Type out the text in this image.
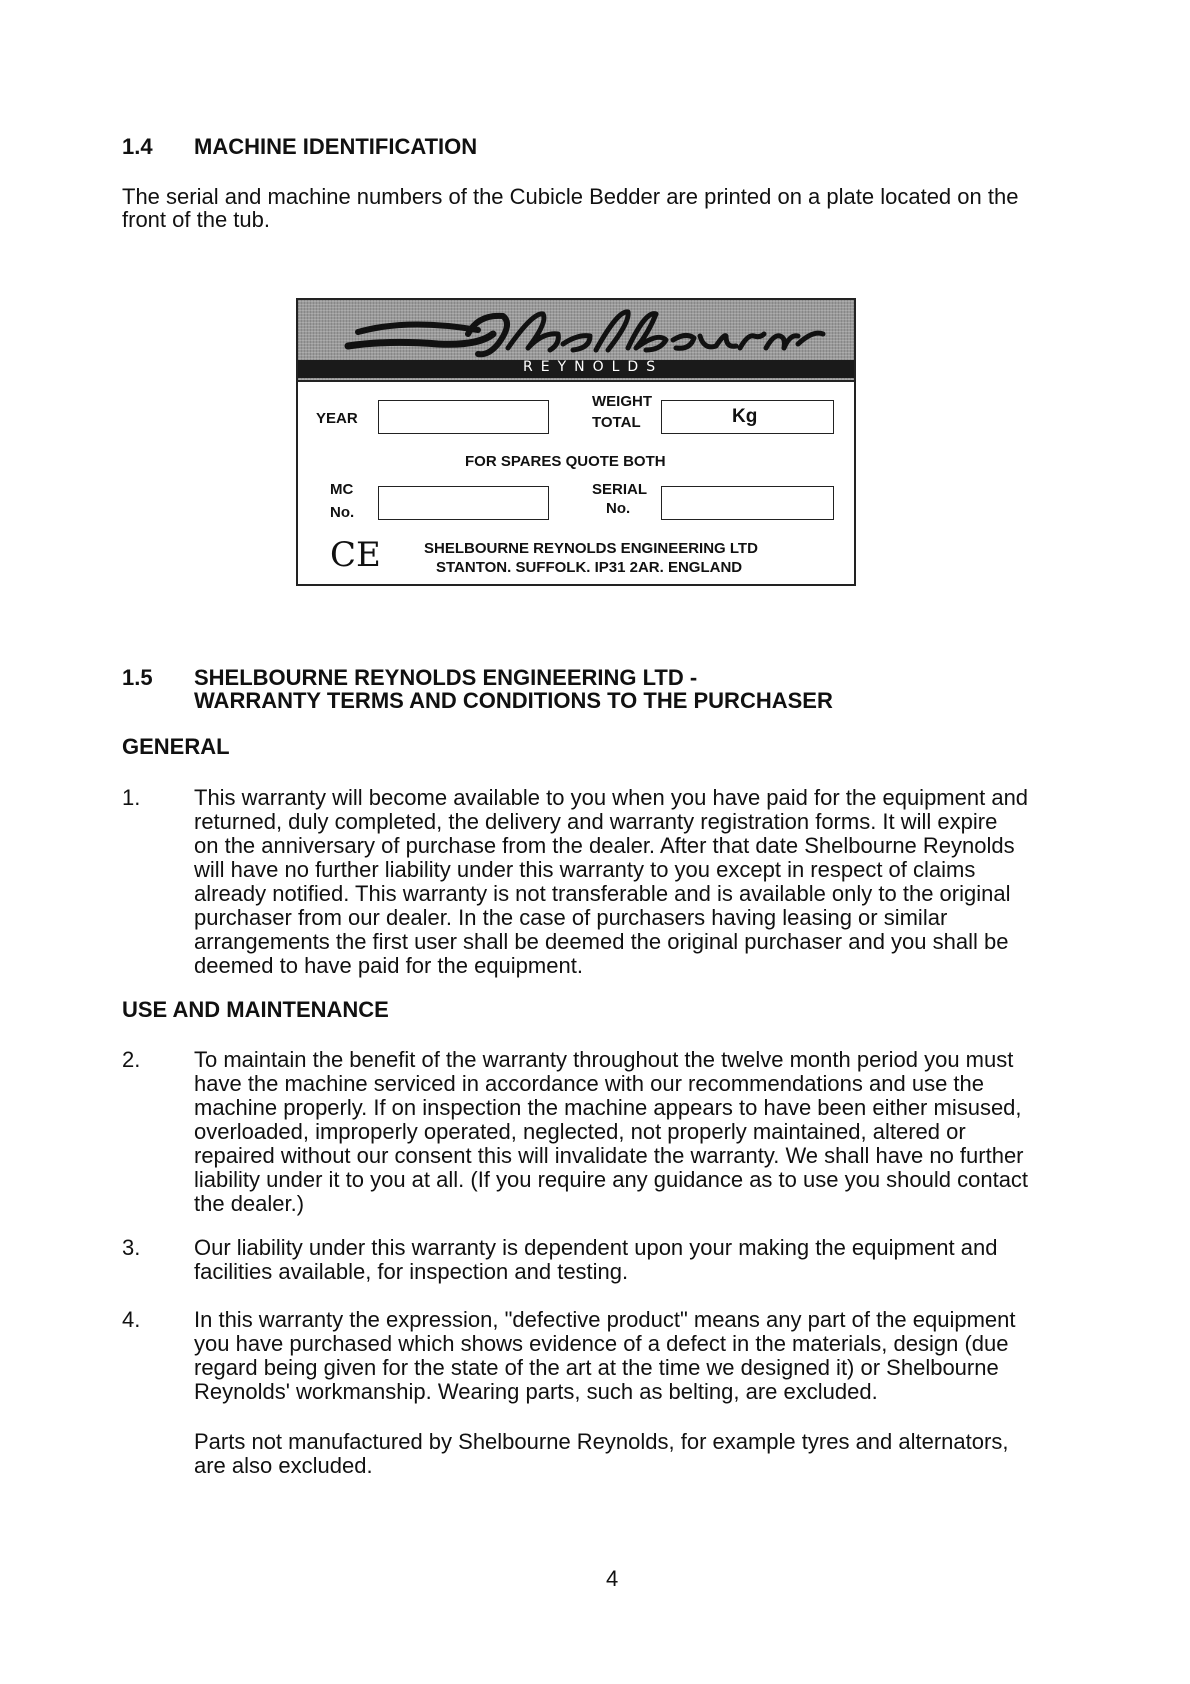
1.4 MACHINE IDENTIFICATION
The serial and machine numbers of the Cubicle Bedder are printed on a plate located on the
front of the tub.
REYNOLDS
YEAR
WEIGHT
TOTAL	Kg
FOR SPARES QUOTE BOTH
MC
No.
SERIAL
No.
CE	SHELBOURNE REYNOLDS ENGINEERING LTD
STANTON. SUFFOLK. IP31 2AR. ENGLAND
1.5 SHELBOURNE REYNOLDS ENGINEERING LTD -
WARRANTY TERMS AND CONDITIONS TO THE PURCHASER
GENERAL
1. This warranty will become available to you when you have paid for the equipment and
returned, duly completed, the delivery and warranty registration forms. It will expire
on the anniversary of purchase from the dealer. After that date Shelbourne Reynolds
will have no further liability under this warranty to you except in respect of claims
already notified. This warranty is not transferable and is available only to the original
purchaser from our dealer. In the case of purchasers having leasing or similar
arrangements the first user shall be deemed the original purchaser and you shall be
deemed to have paid for the equipment.
USE AND MAINTENANCE
2. To maintain the benefit of the warranty throughout the twelve month period you must
have the machine serviced in accordance with our recommendations and use the
machine properly. If on inspection the machine appears to have been either misused,
overloaded, improperly operated, neglected, not properly maintained, altered or
repaired without our consent this will invalidate the warranty. We shall have no further
liability under it to you at all. (If you require any guidance as to use you should contact
the dealer.)
3. Our liability under this warranty is dependent upon your making the equipment and
facilities available, for inspection and testing.
4. In this warranty the expression, "defective product" means any part of the equipment
you have purchased which shows evidence of a defect in the materials, design (due
regard being given for the state of the art at the time we designed it) or Shelbourne
Reynolds' workmanship. Wearing parts, such as belting, are excluded.
Parts not manufactured by Shelbourne Reynolds, for example tyres and alternators,
are also excluded.
4
